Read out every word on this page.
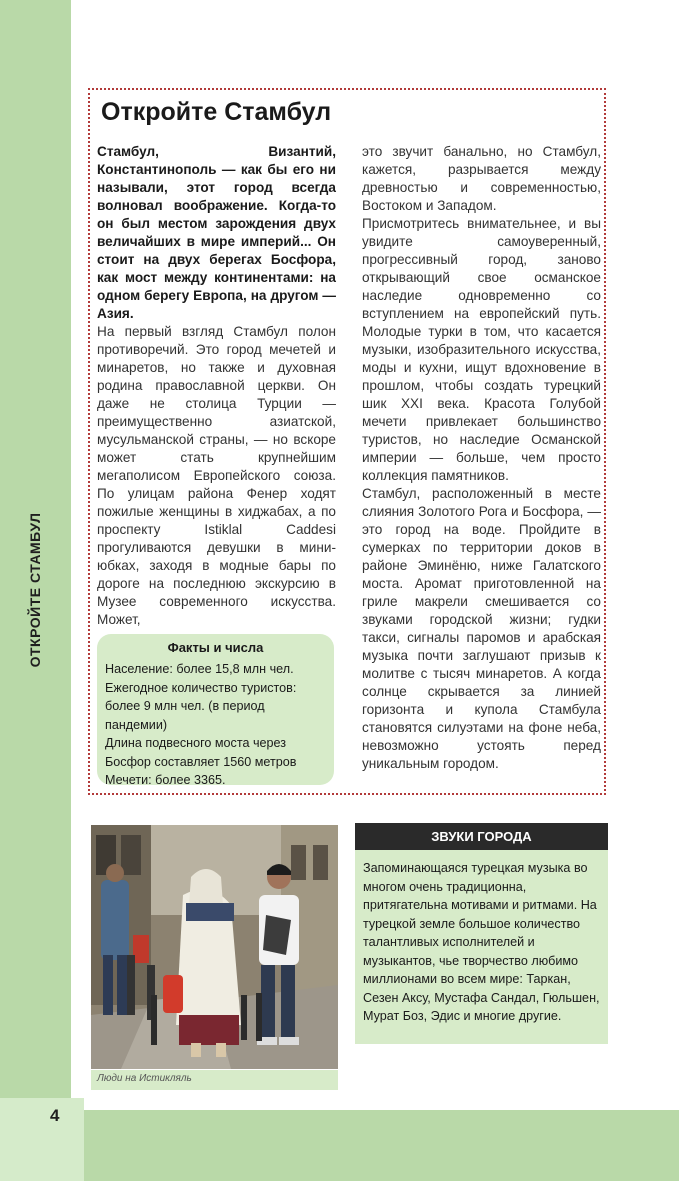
ОТКРОЙТЕ СТАМБУЛ
4
Откройте Стамбул

Стамбул, Византий, Константинополь — как бы его ни называли, этот город всегда волновал воображение. Когда-то он был местом зарождения двух величайших в мире империй... Он стоит на двух берегах Босфора, как мост между континентами: на одном берегу Европа, на другом — Азия.

На первый взгляд Стамбул полон противоречий. Это город мечетей и минаретов, но также и духовная родина православной церкви. Он даже не столица Турции — преимущественно азиатской, мусульманской страны, — но вскоре может стать крупнейшим мегаполисом Европейского союза. По улицам района Фенер ходят пожилые женщины в хиджабах, а по проспекту Istiklal Caddesi прогуливаются девушки в мини-юбках, заходя в модные бары по дороге на последнюю экскурсию в Музее современного искусства. Может,

это звучит банально, но Стамбул, кажется, разрывается между древностью и современностью, Востоком и Западом.

Присмотритесь внимательнее, и вы увидите самоуверенный, прогрессивный город, заново открывающий свое османское наследие одновременно со вступлением на европейский путь. Молодые турки в том, что касается музыки, изобразительного искусства, моды и кухни, ищут вдохновение в прошлом, чтобы создать турецкий шик XXI века. Красота Голубой мечети привлекает большинство туристов, но наследие Османской империи — больше, чем просто коллекция памятников.

Стамбул, расположенный в месте слияния Золотого Рога и Босфора, — это город на воде. Пройдите в сумерках по территории доков в районе Эминёню, ниже Галатского моста. Аромат приготовленной на гриле макрели смешивается со звуками городской жизни; гудки такси, сигналы паромов и арабская музыка почти заглушают призыв к молитве с тысяч минаретов. А когда солнце скрывается за линией горизонта и купола Стамбула становятся силуэтами на фоне неба, невозможно устоять перед уникальным городом.

Факты и числа
Население: более 15,8 млн чел.
Ежегодное количество туристов: более 9 млн чел. (в период пандемии)
Длина подвесного моста через Босфор составляет 1560 метров
Мечети: более 3365.
Люди на Истикляль
ЗВУКИ ГОРОДА

Запоминающаяся турецкая музыка во многом очень традиционна, притягательна мотивами и ритмами. На турецкой земле большое количество талантливых исполнителей и музыкантов, чье творчество любимо миллионами во всем мире: Таркан, Сезен Аксу, Мустафа Сандал, Гюльшен, Мурат Боз, Эдис и многие другие.
